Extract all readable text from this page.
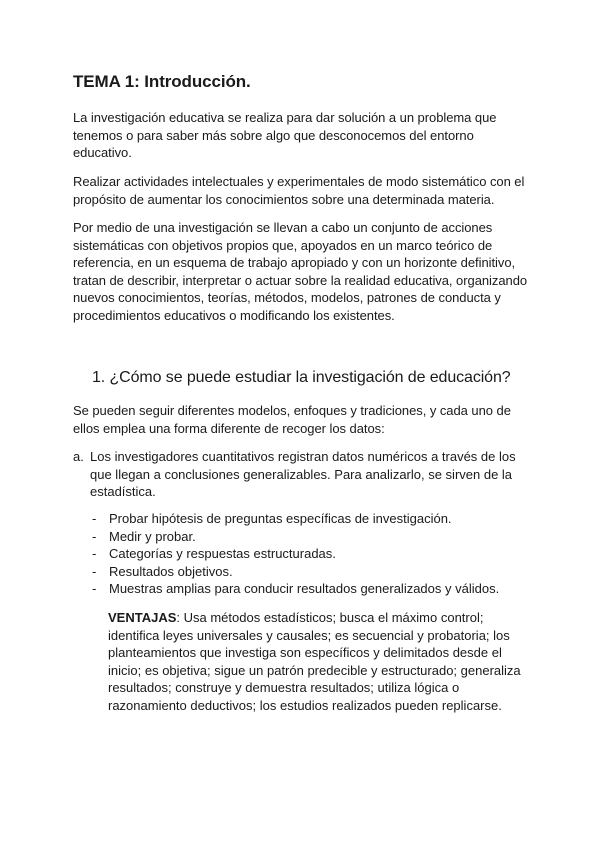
TEMA 1: Introducción.

La investigación educativa se realiza para dar solución a un problema que tenemos o para saber más sobre algo que desconocemos del entorno educativo.

Realizar actividades intelectuales y experimentales de modo sistemático con el propósito de aumentar los conocimientos sobre una determinada materia.

Por medio de una investigación se llevan a cabo un conjunto de acciones sistemáticas con objetivos propios que, apoyados en un marco teórico de referencia, en un esquema de trabajo apropiado y con un horizonte definitivo, tratan de describir, interpretar o actuar sobre la realidad educativa, organizando nuevos conocimientos, teorías, métodos, modelos, patrones de conducta y procedimientos educativos o modificando los existentes.

1. ¿Cómo se puede estudiar la investigación de educación?

Se pueden seguir diferentes modelos, enfoques y tradiciones, y cada uno de ellos emplea una forma diferente de recoger los datos:

a. Los investigadores cuantitativos registran datos numéricos a través de los que llegan a conclusiones generalizables. Para analizarlo, se sirven de la estadística.
- Probar hipótesis de preguntas específicas de investigación.
- Medir y probar.
- Categorías y respuestas estructuradas.
- Resultados objetivos.
- Muestras amplias para conducir resultados generalizados y válidos.

VENTAJAS: Usa métodos estadísticos; busca el máximo control; identifica leyes universales y causales; es secuencial y probatoria; los planteamientos que investiga son específicos y delimitados desde el inicio; es objetiva; sigue un patrón predecible y estructurado; generaliza resultados; construye y demuestra resultados; utiliza lógica o razonamiento deductivos; los estudios realizados pueden replicarse.
